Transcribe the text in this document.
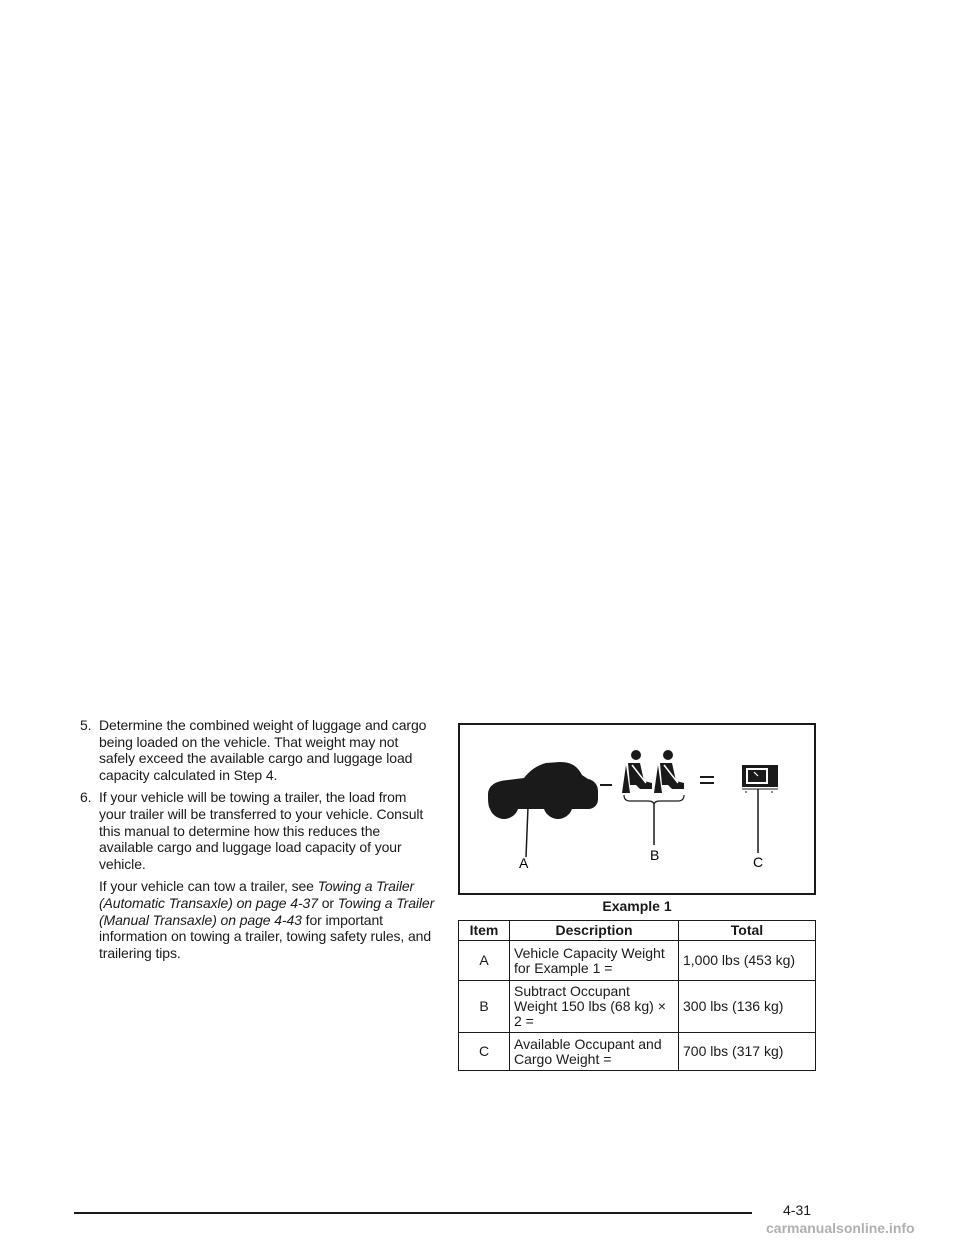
5. Determine the combined weight of luggage and cargo being loaded on the vehicle. That weight may not safely exceed the available cargo and luggage load capacity calculated in Step 4.

6. If your vehicle will be towing a trailer, the load from your trailer will be transferred to your vehicle. Consult this manual to determine how this reduces the available cargo and luggage load capacity of your vehicle.

If your vehicle can tow a trailer, see Towing a Trailer (Automatic Transaxle) on page 4-37 or Towing a Trailer (Manual Transaxle) on page 4-43 for important information on towing a trailer, towing safety rules, and trailering tips.

A	B	C
Example 1
Item	Description	Total
A	Vehicle Capacity Weight for Example 1 =	1,000 lbs (453 kg)
B	Subtract Occupant Weight 150 lbs (68 kg) × 2 =	300 lbs (136 kg)
C	Available Occupant and Cargo Weight =	700 lbs (317 kg)
4-31
carmanualsonline.info
